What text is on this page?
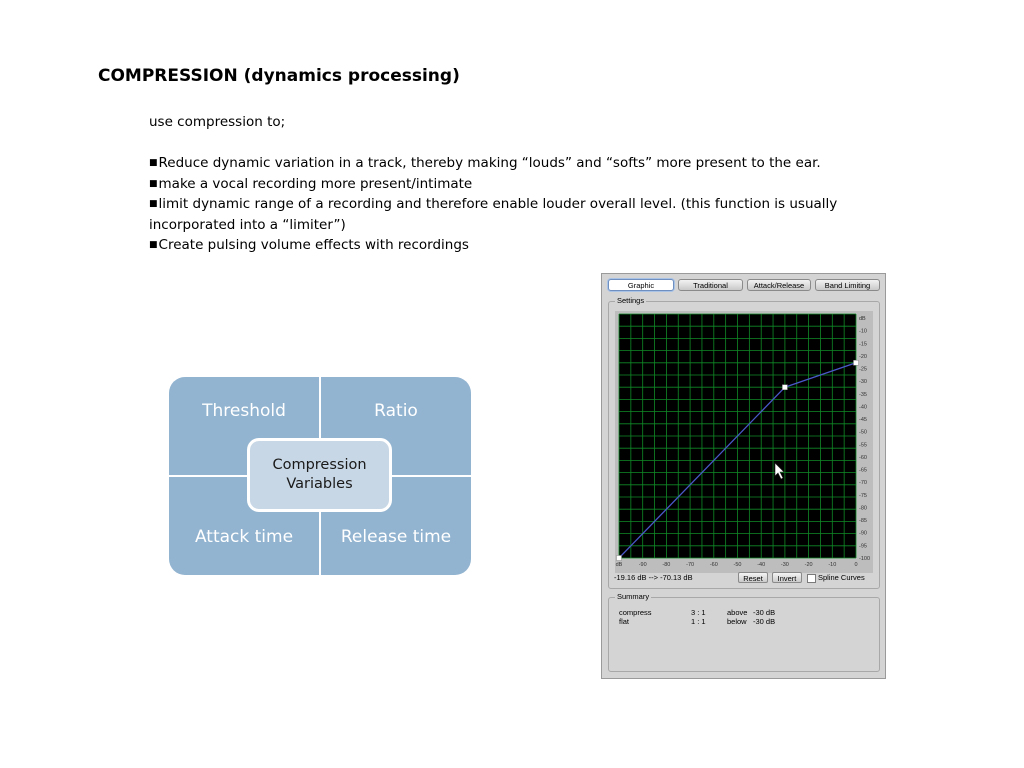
COMPRESSION (dynamics processing)
use compression to;
■Reduce dynamic variation in a track, thereby making “louds” and “softs” more present to the ear.
■make a vocal recording more present/intimate
■limit dynamic range of a recording and therefore enable louder overall level. (this function is usually incorporated into a “limiter”)
■Create pulsing volume effects with recordings
Threshold	Ratio
Attack time	Release time
Compression
Variables
Graphic	Traditional	Attack/Release	Band Limiting
Settings
dB	-90	-80	-70	-60	-50	-40	-30	-20	-10	0
dB
-10
-15
-20
-25
-30
-35
-40
-45
-50
-55
-60
-65
-70
-75
-80
-85
-90
-95
-100
-19.16 dB --> -70.13 dB	Reset	Invert	Spline Curves
Summary
compress	3 : 1	above	-30 dB
flat	1 : 1	below	-30 dB
